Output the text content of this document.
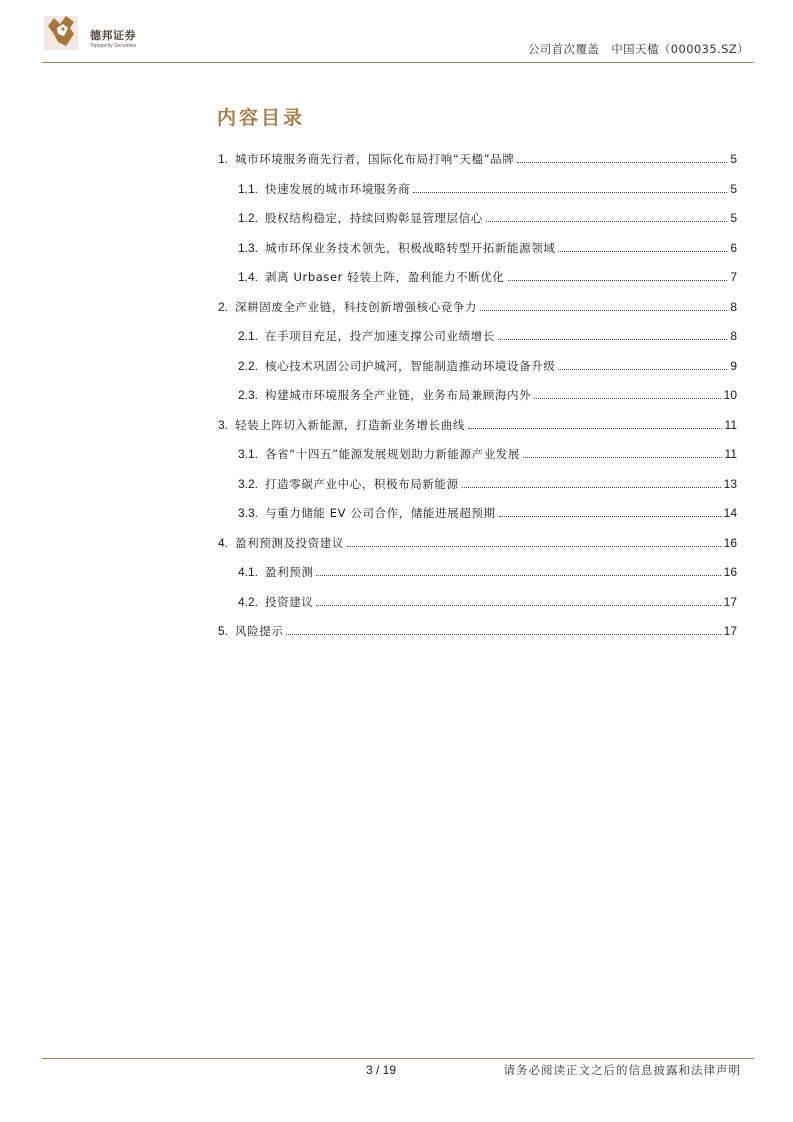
德邦证券
Topsperity Securities	公司首次覆盖 中国天楹（000035.SZ）
内容目录
1. 城市环境服务商先行者，国际化布局打响“天楹”品牌	5
1.1. 快速发展的城市环境服务商	5
1.2. 股权结构稳定，持续回购彰显管理层信心	5
1.3. 城市环保业务技术领先，积极战略转型开拓新能源领域	6
1.4. 剥离 Urbaser 轻装上阵，盈利能力不断优化	7
2. 深耕固废全产业链，科技创新增强核心竞争力	8
2.1. 在手项目充足，投产加速支撑公司业绩增长	8
2.2. 核心技术巩固公司护城河，智能制造推动环境设备升级	9
2.3. 构建城市环境服务全产业链，业务布局兼顾海内外	10
3. 轻装上阵切入新能源，打造新业务增长曲线	11
3.1. 各省“十四五”能源发展规划助力新能源产业发展	11
3.2. 打造零碳产业中心，积极布局新能源	13
3.3. 与重力储能 EV 公司合作，储能进展超预期	14
4. 盈利预测及投资建议	16
4.1. 盈利预测	16
4.2. 投资建议	17
5. 风险提示	17
3 / 19	请务必阅读正文之后的信息披露和法律声明
